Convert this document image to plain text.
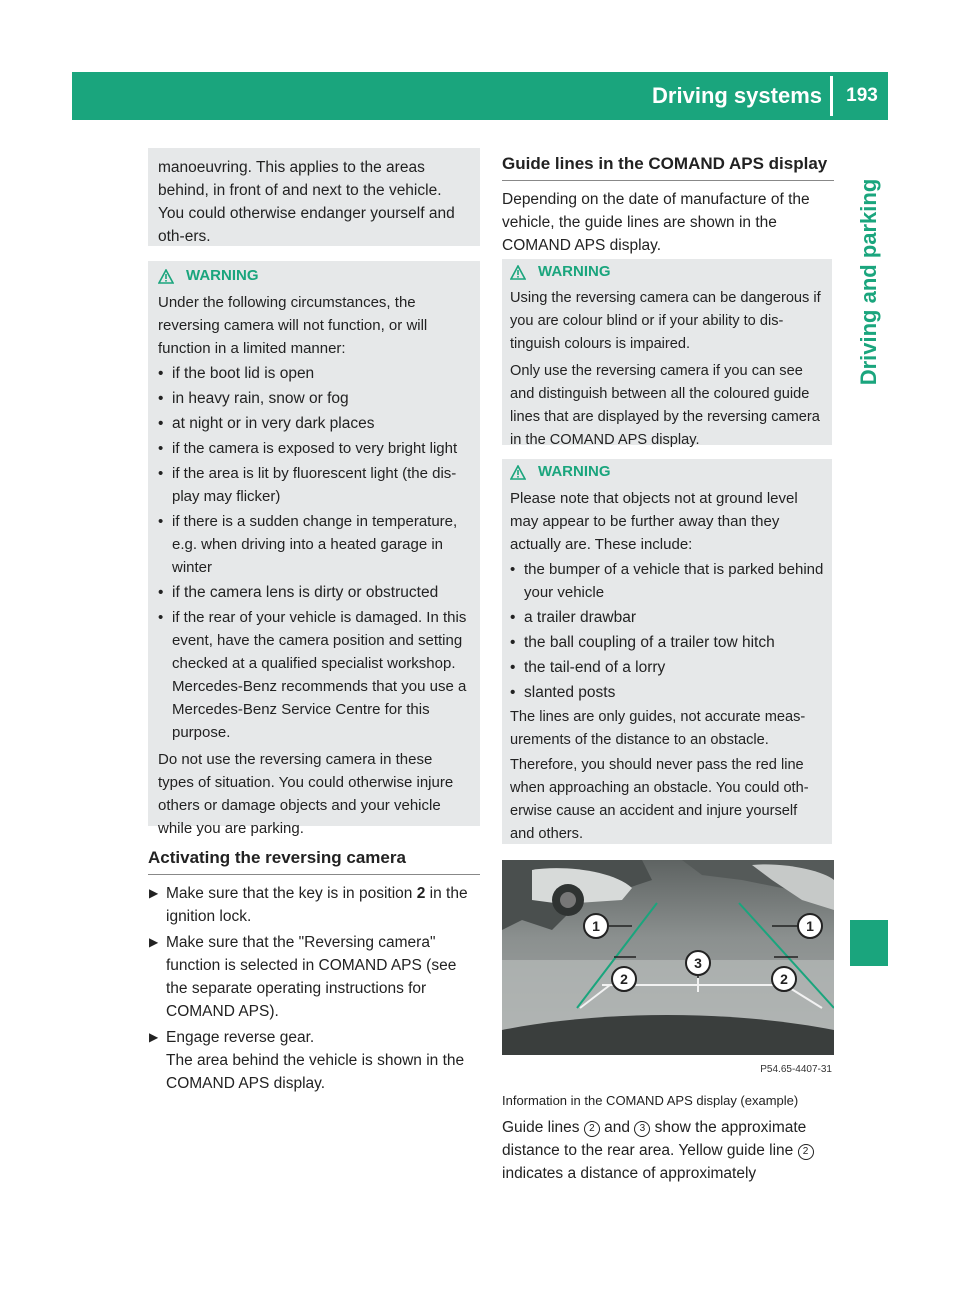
Driving systems	193
Driving and parking

manoeuvring. This applies to the areas behind, in front of and next to the vehicle. You could otherwise endanger yourself and oth-ers.

WARNING

Under the following circumstances, the reversing camera will not function, or will function in a limited manner:

• if the boot lid is open
• in heavy rain, snow or fog
• at night or in very dark places
• if the camera is exposed to very bright light
• if the area is lit by fluorescent light (the dis-play may flicker)
• if there is a sudden change in temperature, e.g. when driving into a heated garage in winter
• if the camera lens is dirty or obstructed
• if the rear of your vehicle is damaged. In this event, have the camera position and setting checked at a qualified specialist workshop. Mercedes-Benz recommends that you use a Mercedes-Benz Service Centre for this purpose.

Do not use the reversing camera in these types of situation. You could otherwise injure others or damage objects and your vehicle while you are parking.

Activating the reversing camera
▶ Make sure that the key is in position 2 in the ignition lock.
▶ Make sure that the "Reversing camera" function is selected in COMAND APS (see the separate operating instructions for COMAND APS).
▶ Engage reverse gear.
The area behind the vehicle is shown in the COMAND APS display.
Guide lines in the COMAND APS display

Depending on the date of manufacture of the vehicle, the guide lines are shown in the COMAND APS display.

WARNING

Using the reversing camera can be dangerous if you are colour blind or if your ability to dis-tinguish colours is impaired.

Only use the reversing camera if you can see and distinguish between all the coloured guide lines that are displayed by the reversing camera in the COMAND APS display.

WARNING

Please note that objects not at ground level may appear to be further away than they actually are. These include:

• the bumper of a vehicle that is parked behind your vehicle
• a trailer drawbar
• the ball coupling of a trailer tow hitch
• the tail-end of a lorry
• slanted posts

The lines are only guides, not accurate meas-urements of the distance to an obstacle.

Therefore, you should never pass the red line when approaching an obstacle. You could oth-erwise cause an accident and injure yourself and others.

1	1
2
3
2
P54.65-4407-31
Information in the COMAND APS display (example)

Guide lines 2 and 3 show the approximate distance to the rear area. Yellow guide line 2 indicates a distance of approximately
